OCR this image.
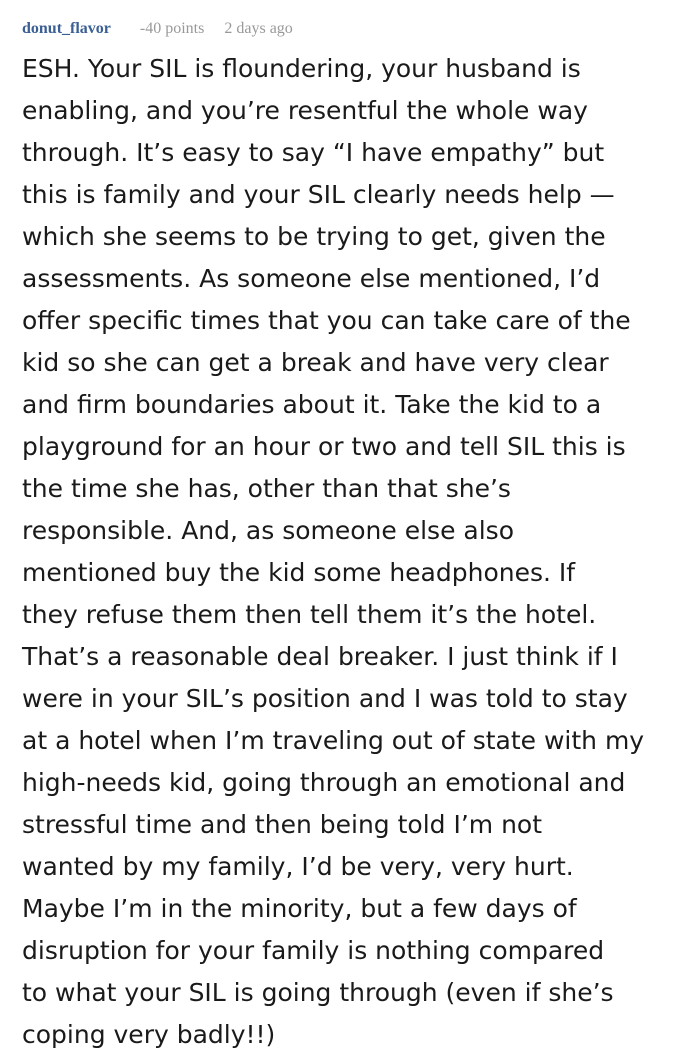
donut_flavor -40 points 2 days ago
ESH. Your SIL is floundering, your husband is
enabling, and you’re resentful the whole way
through. It’s easy to say “I have empathy” but
this is family and your SIL clearly needs help —
which she seems to be trying to get, given the
assessments. As someone else mentioned, I’d
offer specific times that you can take care of the
kid so she can get a break and have very clear
and firm boundaries about it. Take the kid to a
playground for an hour or two and tell SIL this is
the time she has, other than that she’s
responsible. And, as someone else also
mentioned buy the kid some headphones. If
they refuse them then tell them it’s the hotel.
That’s a reasonable deal breaker. I just think if I
were in your SIL’s position and I was told to stay
at a hotel when I’m traveling out of state with my
high-needs kid, going through an emotional and
stressful time and then being told I’m not
wanted by my family, I’d be very, very hurt.
Maybe I’m in the minority, but a few days of
disruption for your family is nothing compared
to what your SIL is going through (even if she’s
coping very badly!!)
